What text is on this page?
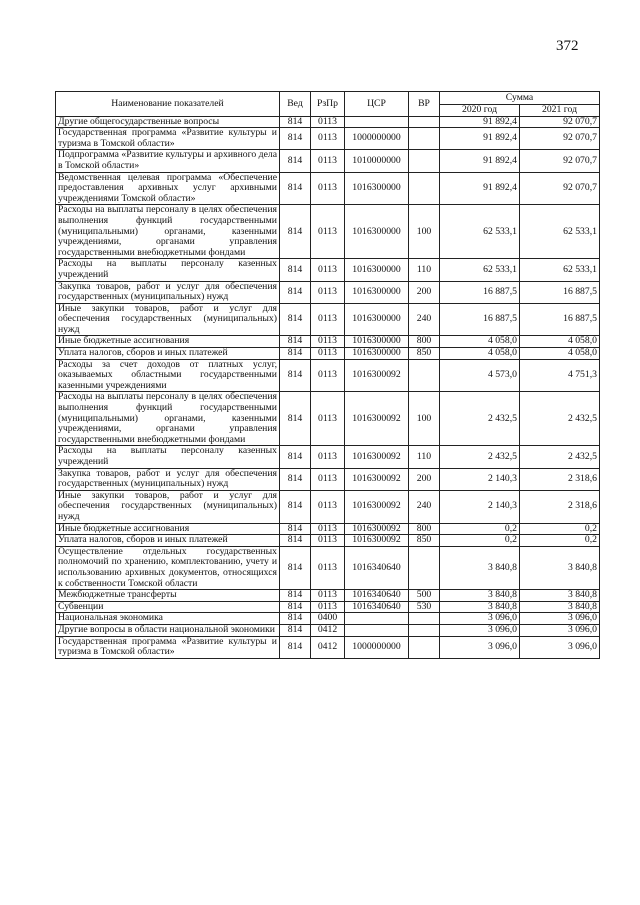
372
Наименование показателей	Вед	РзПр	ЦСР	ВР	Сумма	
					2020 год	2021 год
Другие общегосударственные вопросы	814	0113			91 892,4	92 070,7
Государственная программа «Развитие культуры и туризма в Томской области»	814	0113	1000000000		91 892,4	92 070,7
Подпрограмма «Развитие культуры и архивного дела в Томской области»	814	0113	1010000000		91 892,4	92 070,7
Ведомственная целевая программа «Обеспечение предоставления архивных услуг архивными учреждениями Томской области»	814	0113	1016300000		91 892,4	92 070,7
Расходы на выплаты персоналу в целях обеспечения выполнения функций государственными (муниципальными) органами, казенными учреждениями, органами управления государственными внебюджетными фондами	814	0113	1016300000	100	62 533,1	62 533,1
Расходы на выплаты персоналу казенных учреждений	814	0113	1016300000	110	62 533,1	62 533,1
Закупка товаров, работ и услуг для обеспечения государственных (муниципальных) нужд	814	0113	1016300000	200	16 887,5	16 887,5
Иные закупки товаров, работ и услуг для обеспечения государственных (муниципальных) нужд	814	0113	1016300000	240	16 887,5	16 887,5
Иные бюджетные ассигнования	814	0113	1016300000	800	4 058,0	4 058,0
Уплата налогов, сборов и иных платежей	814	0113	1016300000	850	4 058,0	4 058,0
Расходы за счет доходов от платных услуг, оказываемых областными государственными казенными учреждениями	814	0113	1016300092		4 573,0	4 751,3
Расходы на выплаты персоналу в целях обеспечения выполнения функций государственными (муниципальными) органами, казенными учреждениями, органами управления государственными внебюджетными фондами	814	0113	1016300092	100	2 432,5	2 432,5
Расходы на выплаты персоналу казенных учреждений	814	0113	1016300092	110	2 432,5	2 432,5
Закупка товаров, работ и услуг для обеспечения государственных (муниципальных) нужд	814	0113	1016300092	200	2 140,3	2 318,6
Иные закупки товаров, работ и услуг для обеспечения государственных (муниципальных) нужд	814	0113	1016300092	240	2 140,3	2 318,6
Иные бюджетные ассигнования	814	0113	1016300092	800	0,2	0,2
Уплата налогов, сборов и иных платежей	814	0113	1016300092	850	0,2	0,2
Осуществление отдельных государственных полномочий по хранению, комплектованию, учету и использованию архивных документов, относящихся к собственности Томской области	814	0113	1016340640		3 840,8	3 840,8
Межбюджетные трансферты	814	0113	1016340640	500	3 840,8	3 840,8
Субвенции	814	0113	1016340640	530	3 840,8	3 840,8
Национальная экономика	814	0400			3 096,0	3 096,0
Другие вопросы в области национальной экономики	814	0412			3 096,0	3 096,0
Государственная программа «Развитие культуры и туризма в Томской области»	814	0412	1000000000		3 096,0	3 096,0
